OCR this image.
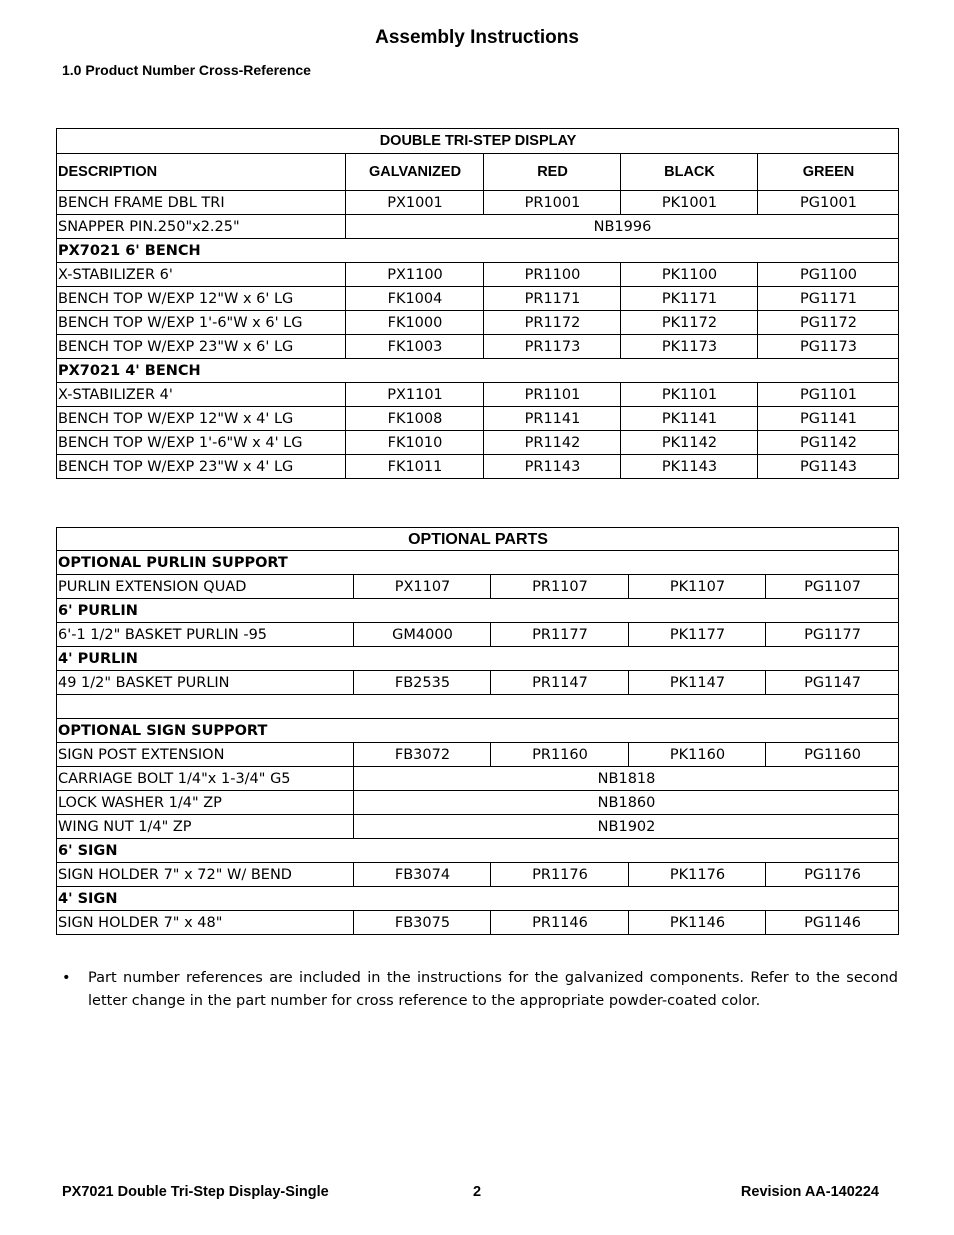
Assembly Instructions
1.0 Product Number Cross-Reference
DOUBLE TRI-STEP DISPLAY				
DESCRIPTION	GALVANIZED	RED	BLACK	GREEN
BENCH FRAME DBL TRI	PX1001	PR1001	PK1001	PG1001
SNAPPER PIN.250"x2.25"	NB1996			
PX7021 6' BENCH				
X-STABILIZER 6'	PX1100	PR1100	PK1100	PG1100
BENCH TOP W/EXP 12"W x 6' LG	FK1004	PR1171	PK1171	PG1171
BENCH TOP W/EXP 1'-6"W x 6' LG	FK1000	PR1172	PK1172	PG1172
BENCH TOP W/EXP 23"W x 6' LG	FK1003	PR1173	PK1173	PG1173
PX7021 4' BENCH				
X-STABILIZER 4'	PX1101	PR1101	PK1101	PG1101
BENCH TOP W/EXP 12"W x 4' LG	FK1008	PR1141	PK1141	PG1141
BENCH TOP W/EXP 1'-6"W x 4' LG	FK1010	PR1142	PK1142	PG1142
BENCH TOP W/EXP 23"W x 4' LG	FK1011	PR1143	PK1143	PG1143
OPTIONAL PARTS				
OPTIONAL PURLIN SUPPORT				
PURLIN EXTENSION QUAD	PX1107	PR1107	PK1107	PG1107
6' PURLIN				
6'-1 1/2" BASKET PURLIN -95	GM4000	PR1177	PK1177	PG1177
4' PURLIN				
49 1/2" BASKET PURLIN	FB2535	PR1147	PK1147	PG1147

OPTIONAL SIGN SUPPORT				
SIGN POST EXTENSION	FB3072	PR1160	PK1160	PG1160
CARRIAGE BOLT 1/4"x 1-3/4" G5	NB1818			
LOCK WASHER 1/4" ZP	NB1860			
WING NUT 1/4" ZP	NB1902			
6' SIGN				
SIGN HOLDER 7" x 72" W/ BEND	FB3074	PR1176	PK1176	PG1176
4' SIGN				
SIGN HOLDER 7" x 48"	FB3075	PR1146	PK1146	PG1146
• Part number references are included in the instructions for the galvanized components. Refer to the second letter change in the part number for cross reference to the appropriate powder-coated color.
PX7021 Double Tri-Step Display-Single	2	Revision AA-140224
